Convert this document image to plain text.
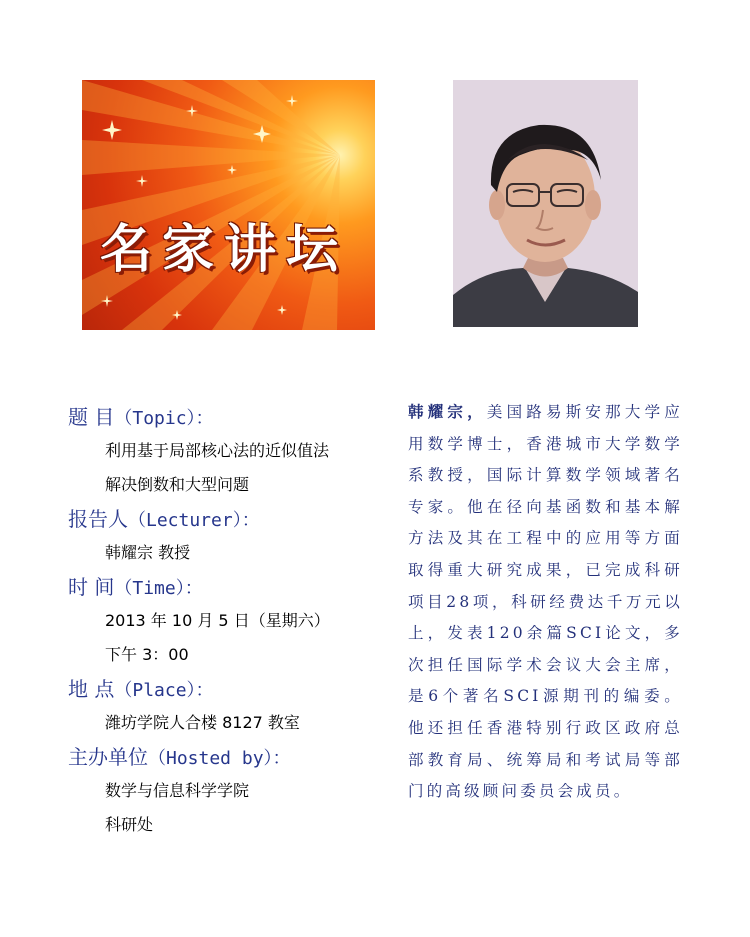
名家讲坛
题 目（Topic）：
利用基于局部核心法的近似值法
解决倒数和大型问题
报告人（Lecturer）：
韩耀宗 教授
时 间（Time）：
2013 年 10 月 5 日（星期六）
下午 3：00
地 点（Place）：
潍坊学院人合楼 8127 教室
主办单位（Hosted by）：
数学与信息科学学院
科研处
韩耀宗，美国路易斯安那大学应用数学博士，香港城市大学数学系教授，国际计算数学领域著名专家。他在径向基函数和基本解方法及其在工程中的应用等方面取得重大研究成果，已完成科研项目28项，科研经费达千万元以上，发表120余篇SCI论文，多次担任国际学术会议大会主席，是6个著名SCI源期刊的编委。他还担任香港特别行政区政府总部教育局、统筹局和考试局等部门的高级顾问委员会成员。
